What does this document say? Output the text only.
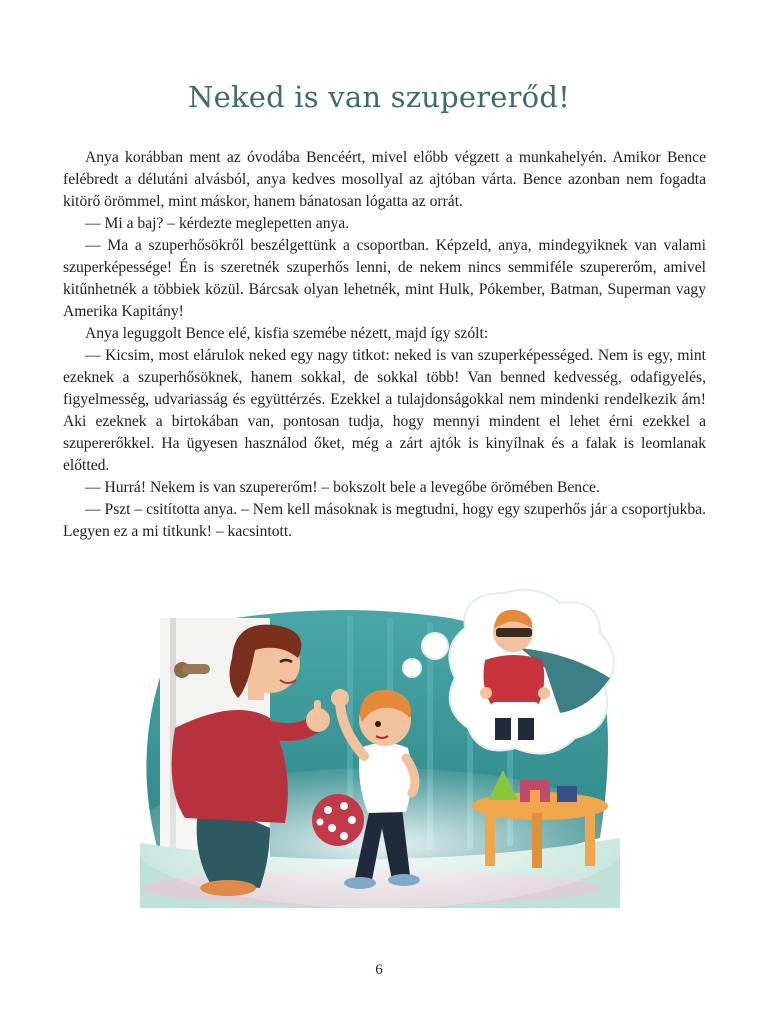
Neked is van szupererőd!

Anya korábban ment az óvodába Bencéért, mivel előbb végzett a munkahelyén. Amikor Bence felébredt a délutáni alvásból, anya kedves mosollyal az ajtóban várta. Bence azonban nem fogadta kitörő örömmel, mint máskor, hanem bánatosan lógatta az orrát.

— Mi a baj? – kérdezte meglepetten anya.

— Ma a szuperhősökről beszélgettünk a csoportban. Képzeld, anya, mindegyiknek van valami szuperképessége! Én is szeretnék szuperhős lenni, de nekem nincs semmiféle szupererőm, amivel kitűnhetnék a többiek közül. Bárcsak olyan lehetnék, mint Hulk, Pókember, Batman, Superman vagy Amerika Kapitány!

Anya leguggolt Bence elé, kisfia szemébe nézett, majd így szólt:

— Kicsim, most elárulok neked egy nagy titkot: neked is van szuperképességed. Nem is egy, mint ezeknek a szuperhősöknek, hanem sokkal, de sokkal több! Van benned kedvesség, odafigyelés, figyelmesség, udvariasság és együttérzés. Ezekkel a tulajdonságokkal nem mindenki rendelkezik ám! Aki ezeknek a birtokában van, pontosan tudja, hogy mennyi mindent el lehet érni ezekkel a szupererőkkel. Ha ügyesen használod őket, még a zárt ajtók is kinyílnak és a falak is leomlanak előtted.

— Hurrá! Nekem is van szupererőm! – bokszolt bele a levegőbe örömében Bence.

— Pszt – csitította anya. – Nem kell másoknak is megtudni, hogy egy szuperhős jár a csoportjukba. Legyen ez a mi titkunk! – kacsintott.

6
